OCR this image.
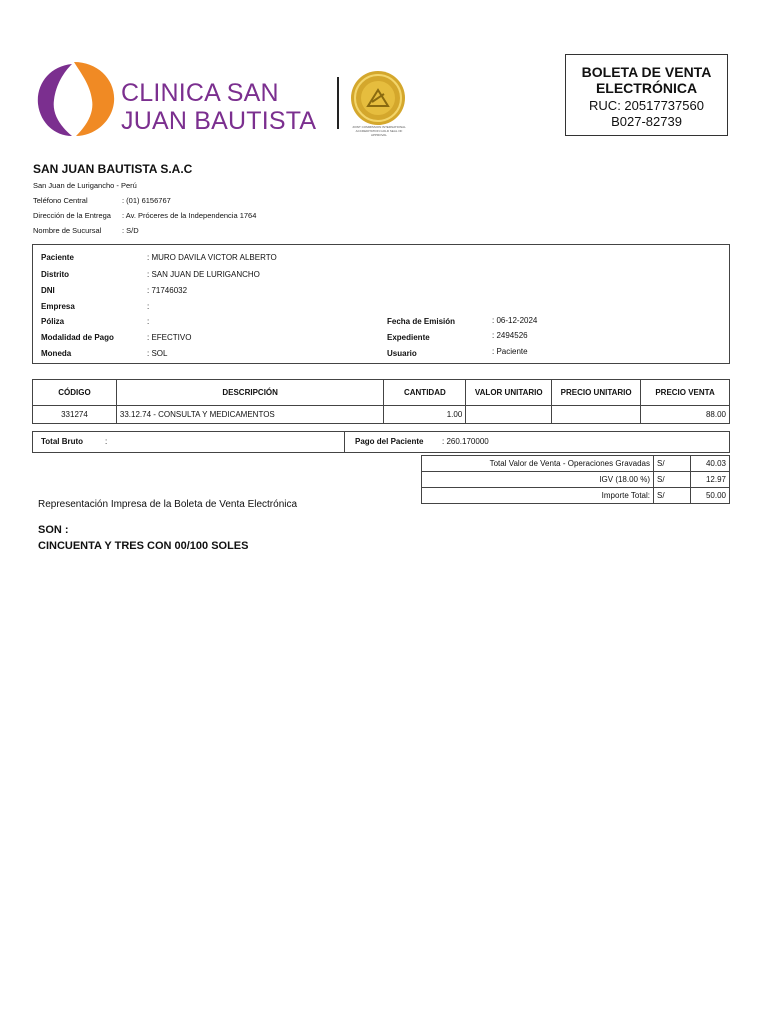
CLINICA SAN
JUAN BAUTISTA	JOINT COMMISSION INTERNATIONAL ACCREDITATION GOLD SEAL OF APPROVAL
BOLETA DE VENTA ELECTRÓNICA
RUC: 20517737560
B027-82739
SAN JUAN BAUTISTA S.A.C
San Juan de Lurigancho - Perú
Teléfono Central	: (01) 6156767
Dirección de la Entrega : Av. Próceres de la Independencia 1764
Nombre de Sucursal	: S/D
Paciente	: MURO DAVILA VICTOR ALBERTO
Distrito	: SAN JUAN DE LURIGANCHO
DNI	: 71746032
Empresa	:
Póliza	:
Modalidad de Pago	: EFECTIVO
Moneda	: SOL
Fecha de Emisión	: 06-12-2024
Expediente	: 2494526
Usuario	: Paciente
CÓDIGO	DESCRIPCIÓN	CANTIDAD	VALOR UNITARIO	PRECIO UNITARIO	PRECIO VENTA
331274	33.12.74 - CONSULTA Y MEDICAMENTOS	1.00			88.00
Total Bruto	:	Pago del Paciente : 260.170000
Total Valor de Venta - Operaciones Gravadas	S/	40.03
IGV (18.00 %)	S/	12.97
Importe Total:	S/	50.00
Representación Impresa de la Boleta de Venta Electrónica
SON :
CINCUENTA Y TRES CON 00/100 SOLES
